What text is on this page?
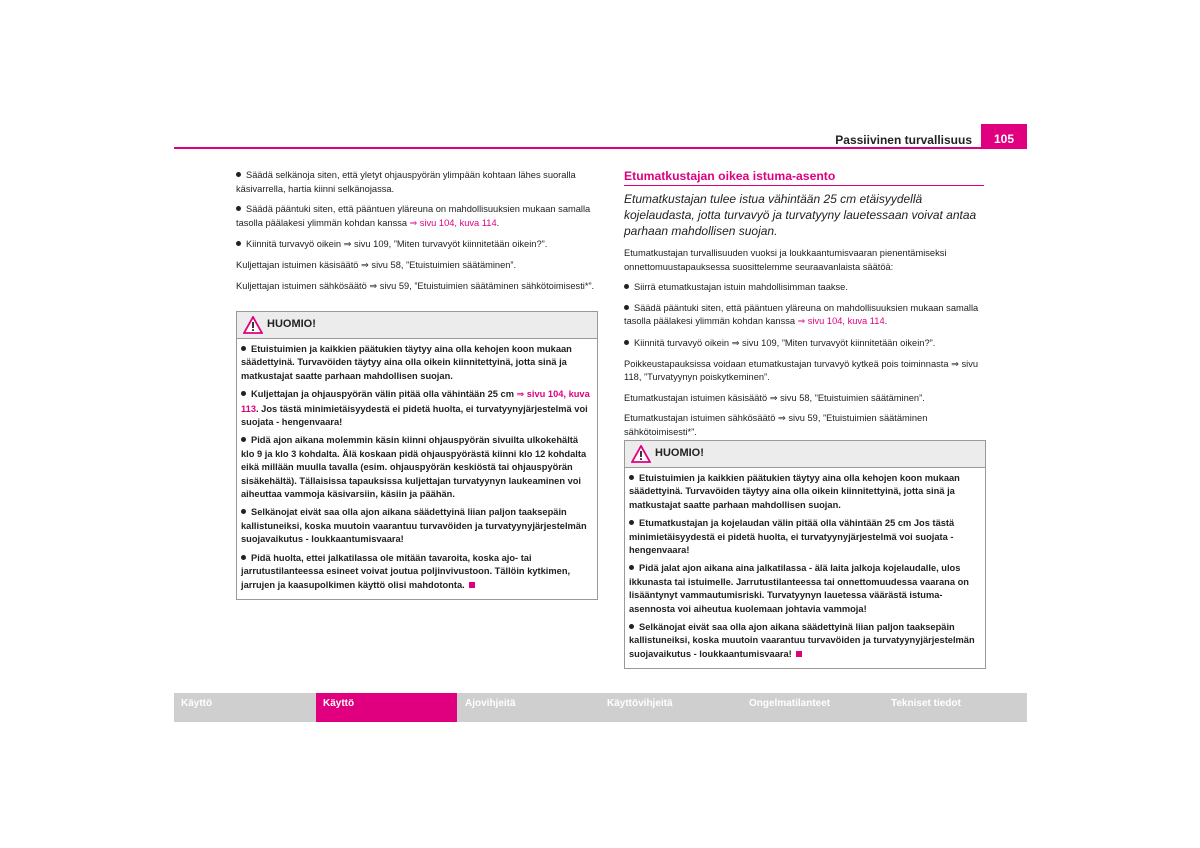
Passiivinen turvallisuus	105

Säädä selkänoja siten, että yletyt ohjauspyörän ylimpään kohtaan lähes suoralla käsivarrella, hartia kiinni selkänojassa.

Säädä pääntuki siten, että pääntuen yläreuna on mahdollisuuksien mukaan samalla tasolla päälakesi ylimmän kohdan kanssa ⇒ sivu 104, kuva 114.

Kiinnitä turvavyö oikein ⇒ sivu 109, ”Miten turvavyöt kiinnitetään oikein?”.

Kuljettajan istuimen käsisäätö ⇒ sivu 58, ”Etuistuimien säätäminen”.

Kuljettajan istuimen sähkösäätö ⇒ sivu 59, ”Etuistuimien säätäminen sähkötoimisesti*”.

HUOMIO!

Etuistuimien ja kaikkien päätukien täytyy aina olla kehojen koon mukaan säädettyinä. Turvavöiden täytyy aina olla oikein kiinnitettyinä, jotta sinä ja matkustajat saatte parhaan mahdollisen suojan.

Kuljettajan ja ohjauspyörän välin pitää olla vähintään 25 cm ⇒ sivu 104, kuva 113. Jos tästä minimietäisyydestä ei pidetä huolta, ei turvatyynyjärjestelmä voi suojata - hengenvaara!

Pidä ajon aikana molemmin käsin kiinni ohjauspyörän sivuilta ulkokehältä klo 9 ja klo 3 kohdalta. Älä koskaan pidä ohjauspyörästä kiinni klo 12 kohdalta eikä millään muulla tavalla (esim. ohjauspyörän keskiöstä tai ohjauspyörän sisäkehältä). Tällaisissa tapauksissa kuljettajan turvatyynyn laukeaminen voi aiheuttaa vammoja käsivarsiin, käsiin ja päähän.

Selkänojat eivät saa olla ajon aikana säädettyinä liian paljon taaksepäin kallistuneiksi, koska muutoin vaarantuu turvavöiden ja turvatyynyjärjestelmän suojavaikutus - loukkaantumisvaara!

Pidä huolta, ettei jalkatilassa ole mitään tavaroita, koska ajo- tai jarrutustilanteessa esineet voivat joutua poljinvivustoon. Tällöin kytkimen, jarrujen ja kaasupolkimen käyttö olisi mahdotonta.

Etumatkustajan oikea istuma-asento
Etumatkustajan tulee istua vähintään 25 cm etäisyydellä kojelaudasta, jotta turvavyö ja turvatyyny lauetessaan voivat antaa parhaan mahdollisen suojan.

Etumatkustajan turvallisuuden vuoksi ja loukkaantumisvaaran pienentämiseksi onnettomuustapauksessa suosittelemme seuraavanlaista säätöä:

Siirrä etumatkustajan istuin mahdollisimman taakse.

Säädä pääntuki siten, että pääntuen yläreuna on mahdollisuuksien mukaan samalla tasolla päälakesi ylimmän kohdan kanssa ⇒ sivu 104, kuva 114.

Kiinnitä turvavyö oikein ⇒ sivu 109, ”Miten turvavyöt kiinnitetään oikein?”.

Poikkeustapauksissa voidaan etumatkustajan turvavyö kytkeä pois toiminnasta ⇒ sivu 118, ”Turvatyynyn poiskytkeminen”.

Etumatkustajan istuimen käsisäätö ⇒ sivu 58, ”Etuistuimien säätäminen”.

Etumatkustajan istuimen sähkösäätö ⇒ sivu 59, ”Etuistuimien säätäminen sähkötoimisesti*”.

HUOMIO!

Etuistuimien ja kaikkien päätukien täytyy aina olla kehojen koon mukaan säädettyinä. Turvavöiden täytyy aina olla oikein kiinnitettyinä, jotta sinä ja matkustajat saatte parhaan mahdollisen suojan.

Etumatkustajan ja kojelaudan välin pitää olla vähintään 25 cm Jos tästä minimietäisyydestä ei pidetä huolta, ei turvatyynyjärjestelmä voi suojata - hengenvaara!

Pidä jalat ajon aikana aina jalkatilassa - älä laita jalkoja kojelaudalle, ulos ikkunasta tai istuimelle. Jarrutustilanteessa tai onnettomuudessa vaarana on lisääntynyt vammautumisriski. Turvatyynyn lauetessa väärästä istuma-asennosta voi aiheutua kuolemaan johtavia vammoja!

Selkänojat eivät saa olla ajon aikana säädettyinä liian paljon taaksepäin kallistuneiksi, koska muutoin vaarantuu turvavöiden ja turvatyynyjärjestelmän suojavaikutus - loukkaantumisvaara!

Käyttö	Käyttö	Ajovihjeitä	Käyttövihjeitä	Ongelmatilanteet	Tekniset tiedot
